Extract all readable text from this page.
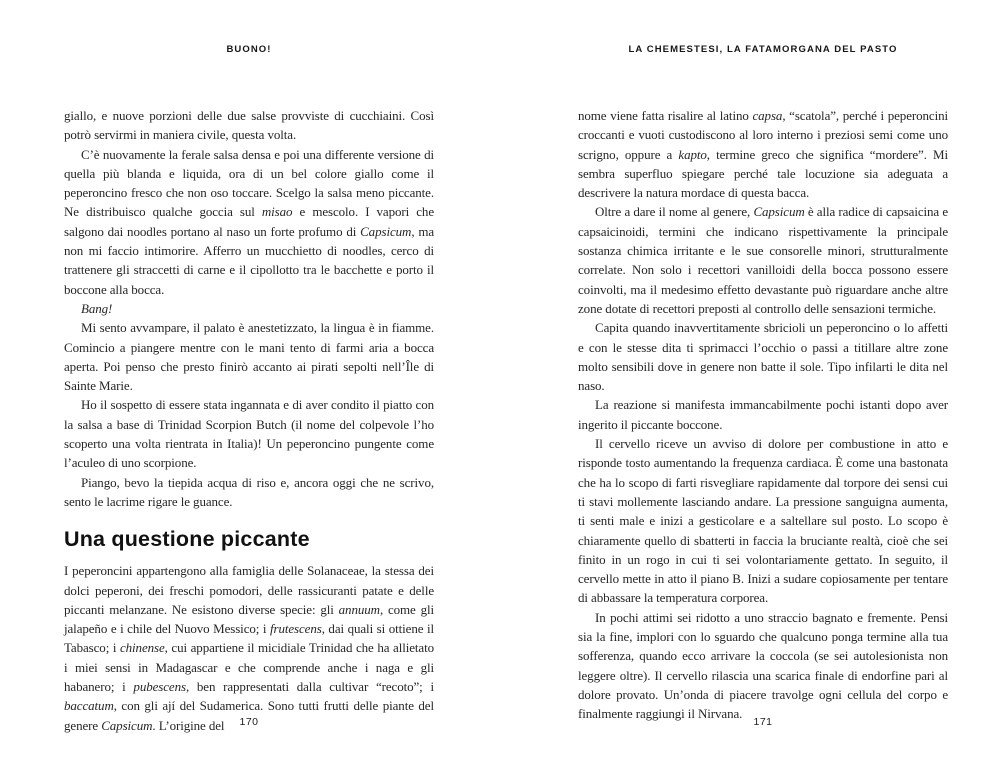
BUONO!

giallo, e nuove porzioni delle due salse provviste di cucchiaini. Così potrò servirmi in maniera civile, questa volta.

C’è nuovamente la ferale salsa densa e poi una differente versione di quella più blanda e liquida, ora di un bel colore giallo come il peperoncino fresco che non oso toccare. Scelgo la salsa meno piccante. Ne distribuisco qualche goccia sul misao e mescolo. I vapori che salgono dai noodles portano al naso un forte profumo di Capsicum, ma non mi faccio intimorire. Afferro un mucchietto di noodles, cerco di trattenere gli straccetti di carne e il cipollotto tra le bacchette e porto il boccone alla bocca.

Bang!

Mi sento avvampare, il palato è anestetizzato, la lingua è in fiamme. Comincio a piangere mentre con le mani tento di farmi aria a bocca aperta. Poi penso che presto finirò accanto ai pirati sepolti nell’Île di Sainte Marie.

Ho il sospetto di essere stata ingannata e di aver condito il piatto con la salsa a base di Trinidad Scorpion Butch (il nome del colpevole l’ho scoperto una volta rientrata in Italia)! Un peperoncino pungente come l’aculeo di uno scorpione.

Piango, bevo la tiepida acqua di riso e, ancora oggi che ne scrivo, sento le lacrime rigare le guance.

Una questione piccante

I peperoncini appartengono alla famiglia delle Solanaceae, la stessa dei dolci peperoni, dei freschi pomodori, delle rassicuranti patate e delle piccanti melanzane. Ne esistono diverse specie: gli annuum, come gli jalapeño e i chile del Nuovo Messico; i frutescens, dai quali si ottiene il Tabasco; i chinense, cui appartiene il micidiale Trinidad che ha allietato i miei sensi in Madagascar e che comprende anche i naga e gli habanero; i pubescens, ben rappresentati dalla cultivar “recoto”; i baccatum, con gli ají del Sudamerica. Sono tutti frutti delle piante del genere Capsicum. L’origine del	170
LA CHEMESTESI, LA FATAMORGANA DEL PASTO

nome viene fatta risalire al latino capsa, “scatola”, perché i peperoncini croccanti e vuoti custodiscono al loro interno i preziosi semi come uno scrigno, oppure a kapto, termine greco che significa “mordere”. Mi sembra superfluo spiegare perché tale locuzione sia adeguata a descrivere la natura mordace di questa bacca.

Oltre a dare il nome al genere, Capsicum è alla radice di capsaicina e capsaicinoidi, termini che indicano rispettivamente la principale sostanza chimica irritante e le sue consorelle minori, strutturalmente correlate. Non solo i recettori vanilloidi della bocca possono essere coinvolti, ma il medesimo effetto devastante può riguardare anche altre zone dotate di recettori preposti al controllo delle sensazioni termiche.

Capita quando inavvertitamente sbricioli un peperoncino o lo affetti e con le stesse dita ti sprimacci l’occhio o passi a titillare altre zone molto sensibili dove in genere non batte il sole. Tipo infilarti le dita nel naso.

La reazione si manifesta immancabilmente pochi istanti dopo aver ingerito il piccante boccone.

Il cervello riceve un avviso di dolore per combustione in atto e risponde tosto aumentando la frequenza cardiaca. È come una bastonata che ha lo scopo di farti risvegliare rapidamente dal torpore dei sensi cui ti stavi mollemente lasciando andare. La pressione sanguigna aumenta, ti senti male e inizi a gesticolare e a saltellare sul posto. Lo scopo è chiaramente quello di sbatterti in faccia la bruciante realtà, cioè che sei finito in un rogo in cui ti sei volontariamente gettato. In seguito, il cervello mette in atto il piano B. Inizi a sudare copiosamente per tentare di abbassare la temperatura corporea.

In pochi attimi sei ridotto a uno straccio bagnato e fremente. Pensi sia la fine, implori con lo sguardo che qualcuno ponga termine alla tua sofferenza, quando ecco arrivare la coccola (se sei autolesionista non leggere oltre). Il cervello rilascia una scarica finale di endorfine pari al dolore provato. Un’onda di piacere travolge ogni cellula del corpo e finalmente raggiungi il Nirvana.

171
